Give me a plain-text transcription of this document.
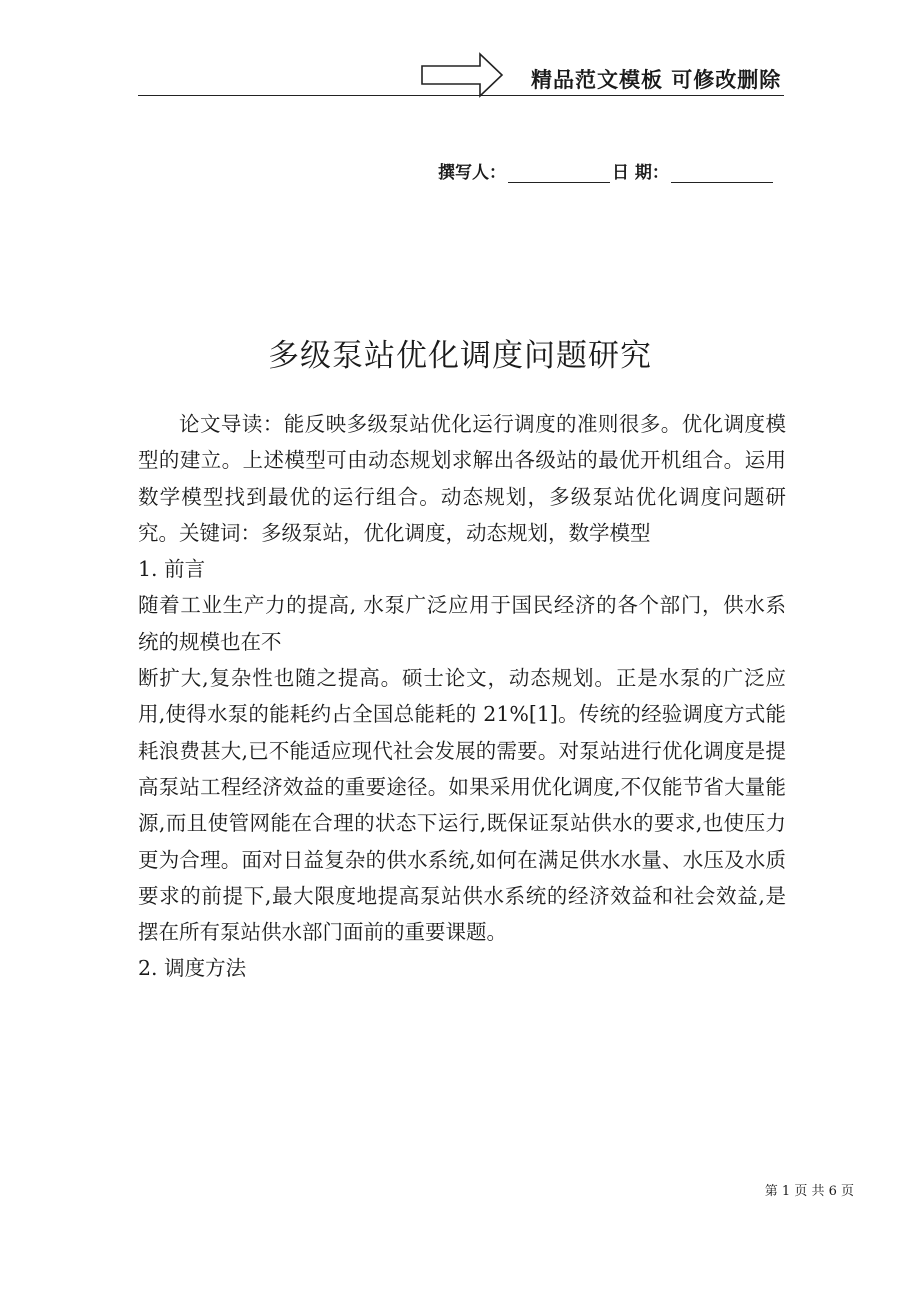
精品范文模板 可修改删除
撰写人：	日 期：
多级泵站优化调度问题研究

论文导读：能反映多级泵站优化运行调度的准则很多。优化调度模型的建立。上述模型可由动态规划求解出各级站的最优开机组合。运用数学模型找到最优的运行组合。动态规划，多级泵站优化调度问题研究。关键词：多级泵站，优化调度，动态规划，数学模型

1. 前言

随着工业生产力的提高, 水泵广泛应用于国民经济的各个部门，供水系统的规模也在不

断扩大,复杂性也随之提高。硕士论文，动态规划。正是水泵的广泛应用,使得水泵的能耗约占全国总能耗的 21%[1]。传统的经验调度方式能耗浪费甚大,已不能适应现代社会发展的需要。对泵站进行优化调度是提高泵站工程经济效益的重要途径。如果采用优化调度,不仅能节省大量能源,而且使管网能在合理的状态下运行,既保证泵站供水的要求,也使压力更为合理。面对日益复杂的供水系统,如何在满足供水水量、水压及水质要求的前提下,最大限度地提高泵站供水系统的经济效益和社会效益,是摆在所有泵站供水部门面前的重要课题。

2. 调度方法

第 1 页 共 6 页
